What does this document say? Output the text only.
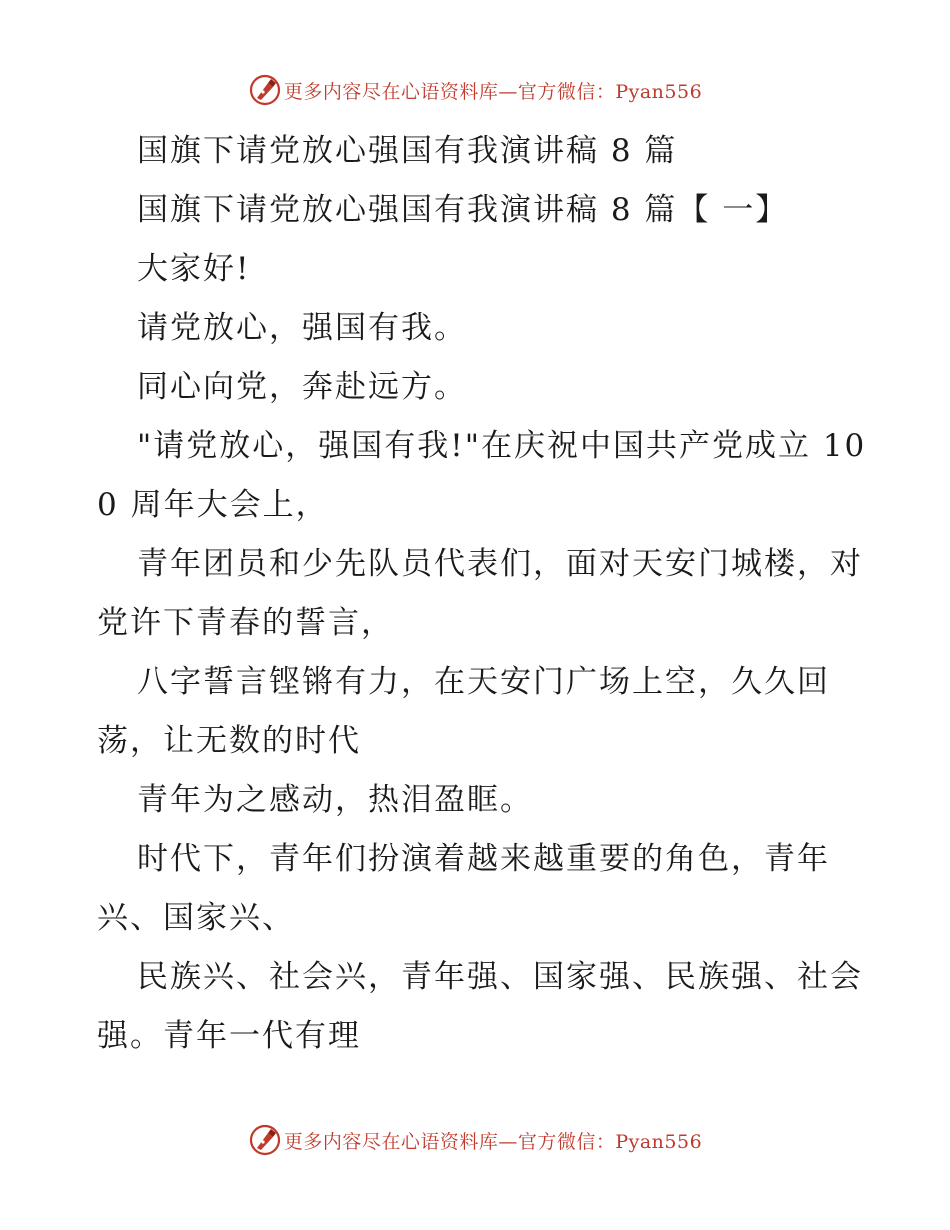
更多内容尽在心语资料库—官方微信：Pyan556

国旗下请党放心强国有我演讲稿 8 篇

国旗下请党放心强国有我演讲稿 8 篇【 一】

大家好!

请党放心，强国有我。

同心向党，奔赴远方。

"请党放心，强国有我!"在庆祝中国共产党成立 100 周年大会上，

青年团员和少先队员代表们，面对天安门城楼，对党许下青春的誓言，

八字誓言铿锵有力，在天安门广场上空，久久回荡，让无数的时代

青年为之感动，热泪盈眶。

时代下，青年们扮演着越来越重要的角色，青年兴、国家兴、

民族兴、社会兴，青年强、国家强、民族强、社会强。青年一代有理

更多内容尽在心语资料库—官方微信：Pyan556
